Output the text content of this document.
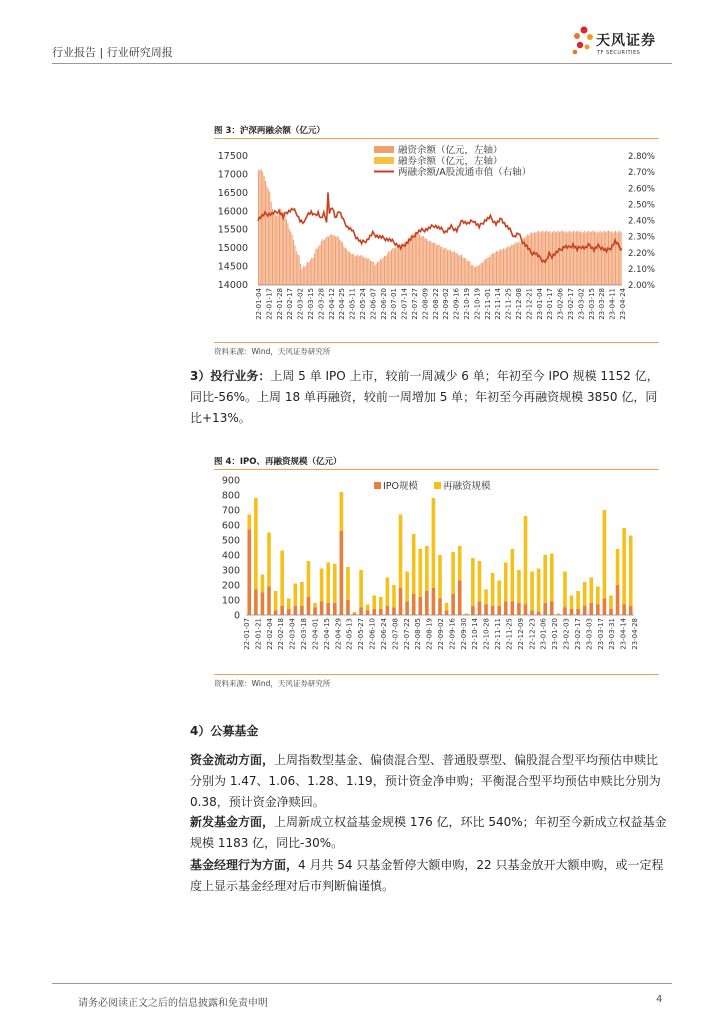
行业报告 | 行业研究周报
天风证券
TF SECURITIES
图 3：沪深两融余额（亿元）
14000
14500
15000
15500
16000
16500
17000
17500
2.00%
2.10%
2.20%
2.30%
2.40%
2.50%
2.60%
2.70%
2.80%
22-01-04 22-01-17 22-01-28 22-02-17 22-03-02 22-03-15 22-03-28 22-04-12 22-04-25 22-05-11 22-05-24 22-06-07 22-06-20 22-07-01 22-07-14 22-07-27 22-08-09 22-08-22 22-09-02 22-09-16 22-10-19 22-10-19 22-11-01 22-11-14 22-11-25 22-12-08 22-12-21 23-01-04 23-01-17 23-02-06 23-02-17 23-03-02 23-03-15 23-03-28 23-04-11 23-04-24
融资余额（亿元，左轴）
融券余额（亿元，左轴）
两融余额/A股流通市值（右轴）
资料来源：Wind，天风证券研究所
3）投行业务：上周 5 单 IPO 上市，较前一周减少 6 单；年初至今 IPO 规模 1152 亿，
同比-56%。上周 18 单再融资，较前一周增加 5 单；年初至今再融资规模 3850 亿，同
比+13%。
图 4：IPO、再融资规模（亿元）
0
100
200
300
400
500
600
700
800
900
22-01-07 22-01-21 22-02-04 22-02-18 22-03-04 22-03-18 22-04-01 22-04-15 22-04-29 22-05-13 22-05-27 22-06-10 22-06-24 22-07-08 22-07-22 22-08-05 22-08-19 22-09-02 22-09-16 22-09-30 22-10-14 22-10-28 22-11-11 22-11-25 22-12-09 22-12-23 23-01-06 23-01-20 23-02-03 23-02-17 23-03-03 23-03-17 23-03-31 23-04-14 23-04-28
IPO规模	再融资规模
资料来源：Wind，天风证券研究所
4）公募基金
资金流动方面，上周指数型基金、偏债混合型、普通股票型、偏股混合型平均预估申赎比
分别为 1.47、1.06、1.28、1.19，预计资金净申购；平衡混合型平均预估申赎比分别为
0.38，预计资金净赎回。
新发基金方面，上周新成立权益基金规模 176 亿，环比 540%；年初至今新成立权益基金
规模 1183 亿，同比-30%。
基金经理行为方面，4 月共 54 只基金暂停大额申购，22 只基金放开大额申购，或一定程
度上显示基金经理对后市判断偏谨慎。
请务必阅读正文之后的信息披露和免责申明	4
